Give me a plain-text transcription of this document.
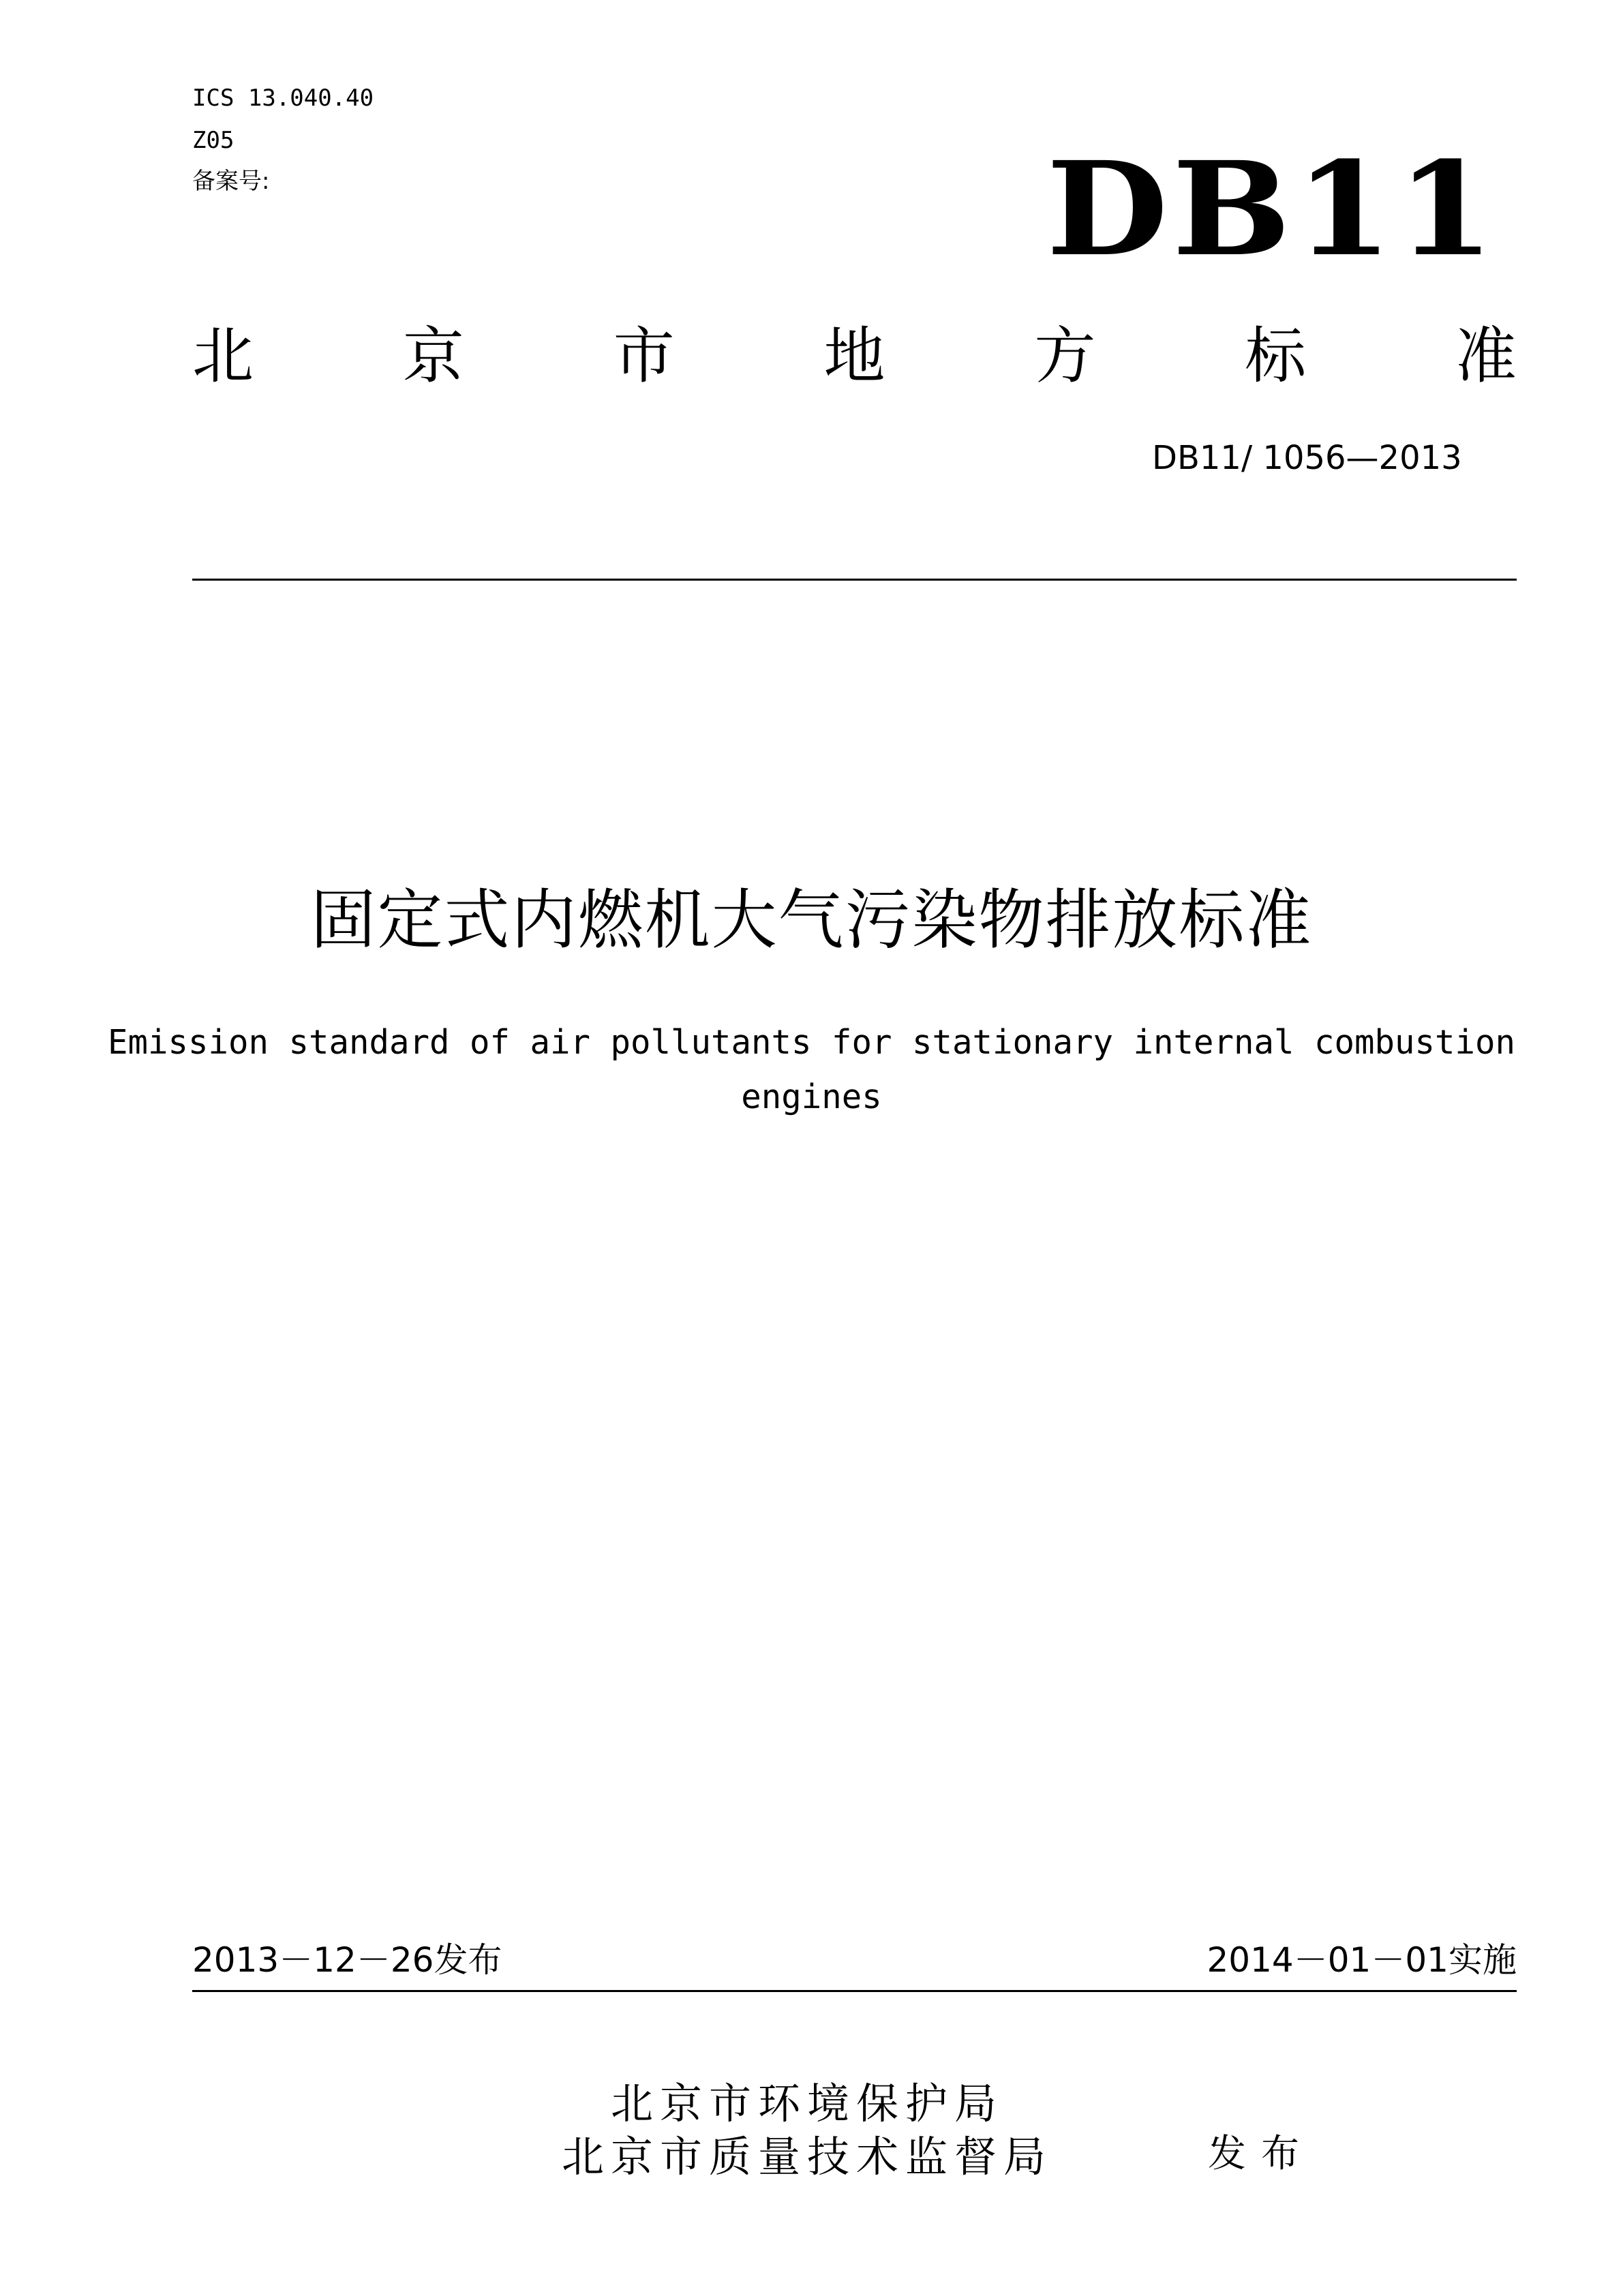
ICS 13.040.40
Z05
备案号:	DB11
北 京 市 地 方 标 准
DB11/ 1056—2013
固定式内燃机大气污染物排放标准
Emission standard of air pollutants for stationary internal combustion
engines
2013－12－26发布	2014－01－01实施
北京市环境保护局
北京市质量技术监督局	发布
